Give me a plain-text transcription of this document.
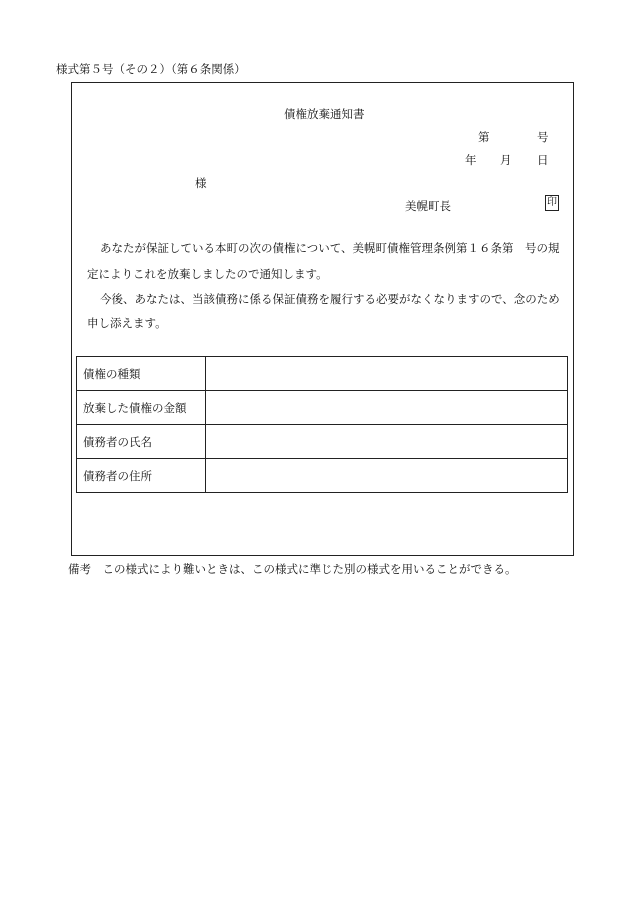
様式第５号（その２）（第６条関係）
債権放棄通知書
第	号
年 月 日
様
美幌町長	印
あなたが保証している本町の次の債権について、美幌町債権管理条例第１６条第　号の規
定によりこれを放棄しましたので通知します。
今後、あなたは、当該債務に係る保証債務を履行する必要がなくなりますので、念のため
申し添えます。
債権の種類	
放棄した債権の金額	
債務者の氏名	
債務者の住所	
備考　この様式により難いときは、この様式に準じた別の様式を用いることができる。
